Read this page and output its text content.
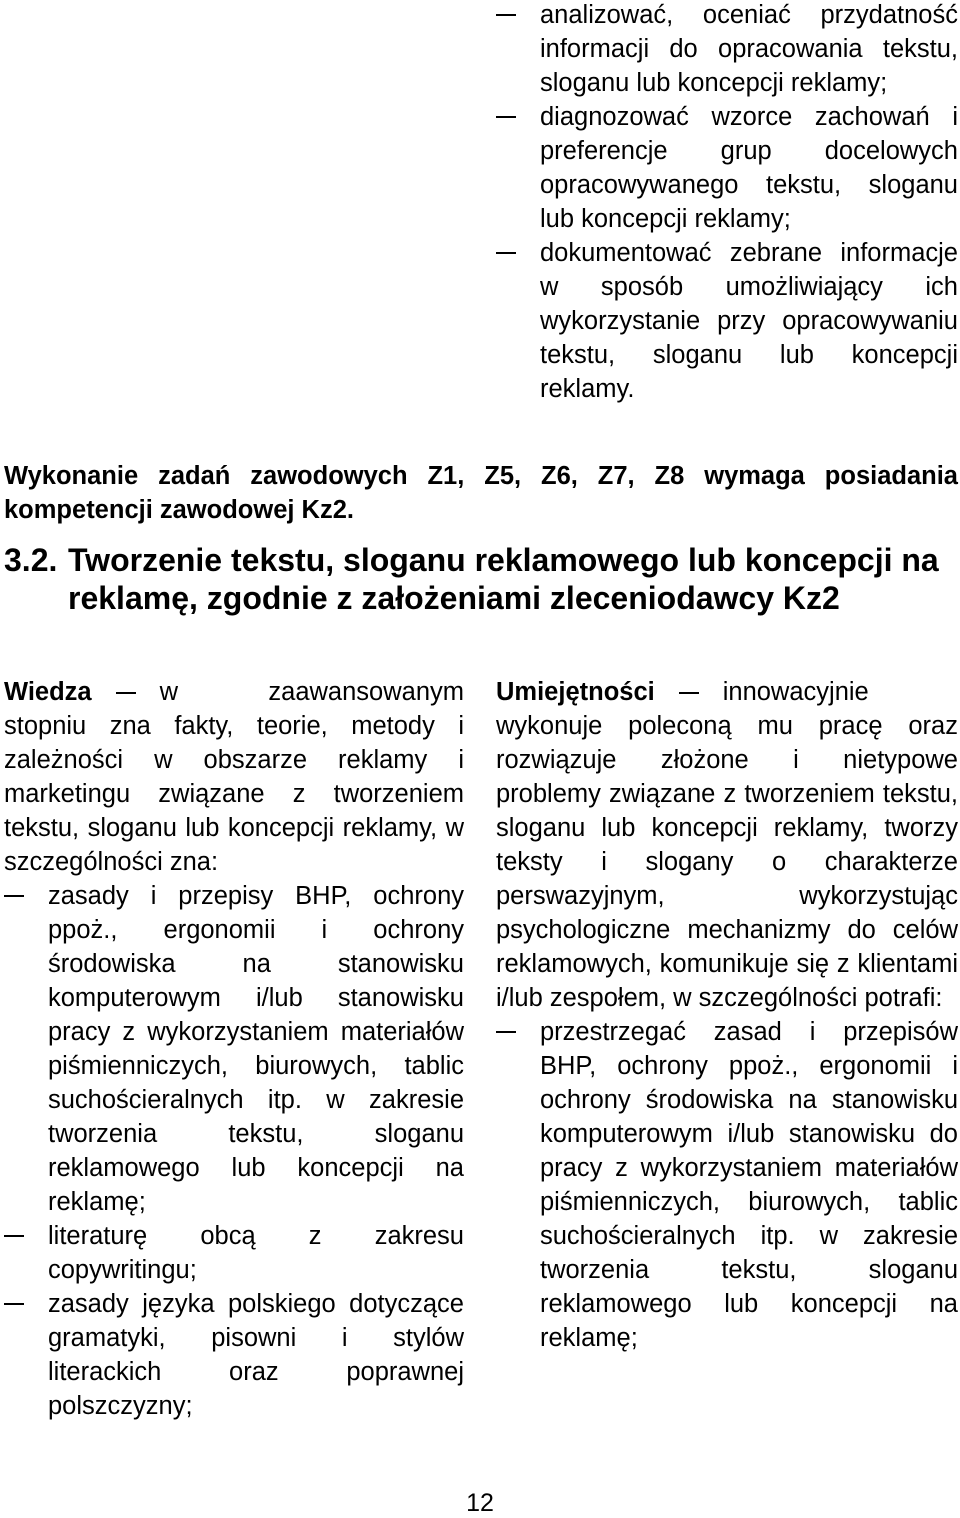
analizować, oceniać przydatność informacji do opracowania tekstu, sloganu lub koncepcji reklamy;
diagnozować wzorce zachowań i preferencje grup docelowych opracowywanego tekstu, sloganu lub koncepcji reklamy;
dokumentować zebrane informacje w sposób umożliwiający ich wykorzystanie przy opracowywaniu tekstu, sloganu lub koncepcji reklamy.

Wykonanie zadań zawodowych Z1, Z5, Z6, Z7, Z8 wymaga posiadania kompetencji zawodowej Kz2.

3.2. Tworzenie tekstu, sloganu reklamowego lub koncepcji na reklamę, zgodnie z założeniami zleceniodawcy Kz2

Wiedza	w zaawansowanym stopniu zna fakty, teorie, metody i zależności w obszarze reklamy i marketingu związane z tworzeniem tekstu, sloganu lub koncepcji reklamy, w szczególności zna:

zasady i przepisy BHP, ochrony ppoż., ergonomii i ochrony środowiska na stanowisku komputerowym i/lub stanowisku pracy z wykorzystaniem materiałów piśmienniczych, biurowych, tablic suchościeralnych itp. w zakresie tworzenia tekstu, sloganu reklamowego lub koncepcji na reklamę;
literaturę obcą z zakresu copywritingu;
zasady języka polskiego dotyczące gramatyki, pisowni i stylów literackich oraz poprawnej polszczyzny;

Umiejętności	innowacyjnie wykonuje poleconą mu pracę oraz rozwiązuje złożone i nietypowe problemy związane z tworzeniem tekstu, sloganu lub koncepcji reklamy, tworzy teksty i slogany o charakterze perswazyjnym, wykorzystując psychologiczne mechanizmy do celów reklamowych, komunikuje się z klientami i/lub zespołem, w szczególności potrafi:

przestrzegać zasad i przepisów BHP, ochrony ppoż., ergonomii i ochrony środowiska na stanowisku komputerowym i/lub stanowisku do pracy z wykorzystaniem materiałów piśmienniczych, biurowych, tablic suchościeralnych itp. w zakresie tworzenia tekstu, sloganu reklamowego lub koncepcji na reklamę;
12
